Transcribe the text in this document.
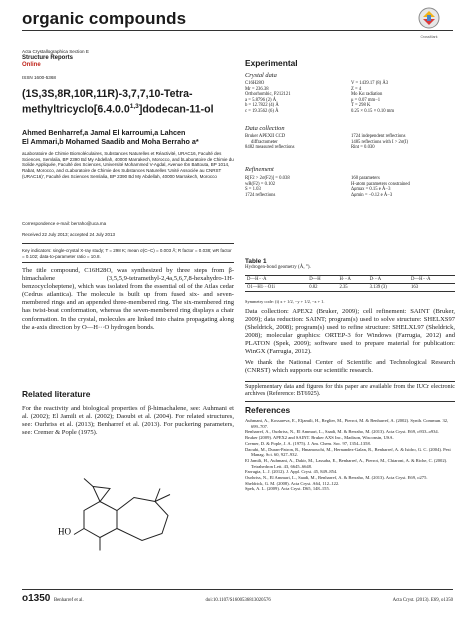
organic compounds
CrossMark
Acta Crystallographica Section E
Structure Reports
Online
ISSN 1600-5368
(1S,3S,8R,10R,11R)-3,7,7,10-Tetra-
methyltricyclo[6.4.0.0$^{1,3}$]dodecan-11-ol
Ahmed Benharref,a Jamal El karroumi,a Lahcen
El Ammari,b Mohamed Saadib and Moha Berraho a*

aLaboratoire de Chimie Biomoléculaires, Substances Naturelles et Réactivité, URAC16, Faculté des Sciences, Semlalia, BP 2390 Bd My Abdellah, 40000 Marrakech, Morocco, and bLaboratoire de Chimie du Solide Appliquée, Faculté des Sciences, Université Mohammed V-Agdal, Avenue Ibn Battouta, BP 1014, Rabat, Morocco, and cLaboratoire de Chimie des Substances Naturelles 'Unité Associée au CNRST (URAC16)', Faculté des Sciences Semlalia, BP 2390 Bd My Abdellah, 40000 Marrakech, Morocco

Correspondence e-mail: berraho@uca.ma
Received 22 July 2013; accepted 24 July 2013
Key indicators: single-crystal X-ray study; T = 298 K; mean σ(C–C) = 0.003 Å; R factor = 0.038; wR factor = 0.102; data-to-parameter ratio = 10.8.
The title compound, C16H28O, was synthesized by three steps from β-himachalene (3,5,5,9-tetramethyl-2,4a,5,6,7,8-hexahydro-1H-benzocycloheptene), which was isolated from the essential oil of the Atlas cedar (Cedrus atlantica). The molecule is built up from fused six- and seven-membered rings and an appended three-membered ring. The six-membered ring has twist-boat conformation, whereas the seven-membered ring displays a chair conformation. In the crystal, molecules are linked into chains propagating along the a-axis direction by O—H···O hydrogen bonds.
Related literature
For the reactivity and biological properties of β-himachalene, see: Auhmani et al. (2002); El Jamili et al. (2002); Daoubi et al. (2004). For related structures, see: Ourhriss et al. (2013); Benharref et al. (2013). For puckering parameters, see: Cremer & Pople (1975).
HO
Experimental
Crystal data
C16H28O
Mr = 236.38
Orthorhombic, P212121
a = 5.8796 (2) Å
b = 12.7822 (4) Å
c = 19.3562 (6) Å
V = 1439.17 (8) Å3
Z = 4
Mo Kα radiation
μ = 0.07 mm−1
T = 298 K
0.25 × 0.15 × 0.10 mm
Data collection
Bruker APEXII CCD
diffractometer
8482 measured reflections
1724 independent reflections
1485 reflections with I > 2σ(I)
Rint = 0.030
Refinement
R[F2 > 2σ(F2)] = 0.038
wR(F2) = 0.102
S = 1.03
1724 reflections
160 parameters
H-atom parameters constrained
Δρmax = 0.15 e Å−3
Δρmin = −0.12 e Å−3
Table 1
Hydrogen-bond geometry (Å, °).
D—H···A	D—H	H···A	D···A	D—H···A
O1—H1···O1i	0.82	2.35	3.139 (3)	163
Symmetry code: (i) x + 1/2, −y + 1/2, −z + 1.
Data collection: APEX2 (Bruker, 2009); cell refinement: SAINT (Bruker, 2009); data reduction: SAINT; program(s) used to solve structure: SHELXS97 (Sheldrick, 2008); program(s) used to refine structure: SHELXL97 (Sheldrick, 2008); molecular graphics: ORTEP-3 for Windows (Farrugia, 2012) and PLATON (Spek, 2009); software used to prepare material for publication: WinGX (Farrugia, 2012).
We thank the National Center of Scientific and Technological Research (CNRST) which supports our scientific research.
Supplementary data and figures for this paper are available from the IUCr electronic archives (Reference: BT6925).
References
Auhmani, A., Kossareva, E., Eljamili, H., Reglier, M., Pierrot, M. & Benharref, A. (2002). Synth. Commun. 32, 699–707.
Benharref, A., Ourhriss, N., El Ammari, L., Saadi, M. & Berraho, M. (2013). Acta Cryst. E69, o933–o934.
Bruker (2009). APEX2 and SAINT. Bruker AXS Inc., Madison, Wisconsin, USA.
Cremer, D. & Pople, J. A. (1975). J. Am. Chem. Soc. 97, 1354–1358.
Daoubi, M., Duran-Patron, R., Hmamouchi, M., Hernandez-Galan, R., Benharref, A. & Isidro, G. C. (2004). Pest Manag. Sci. 60, 927–932.
El Jamili, H., Auhmani, A., Dakir, M., Lassaba, E., Benharref, A., Pierrot, M., Chiaroni, A. & Riche, C. (2002). Tetrahedron Lett. 43, 6645–6648.
Farrugia, L. J. (2012). J. Appl. Cryst. 45, 849–854.
Ourhriss, N., El Ammari, L., Saadi, M., Benharref, A. & Berraho, M. (2013). Acta Cryst. E69, o275.
Sheldrick, G. M. (2008). Acta Cryst. A64, 112–122.
Spek, A. L. (2009). Acta Cryst. D65, 148–155.
o1350 Benharref et al.	doi:10.1107/S1600536813020576	Acta Cryst. (2013). E69, o1350
